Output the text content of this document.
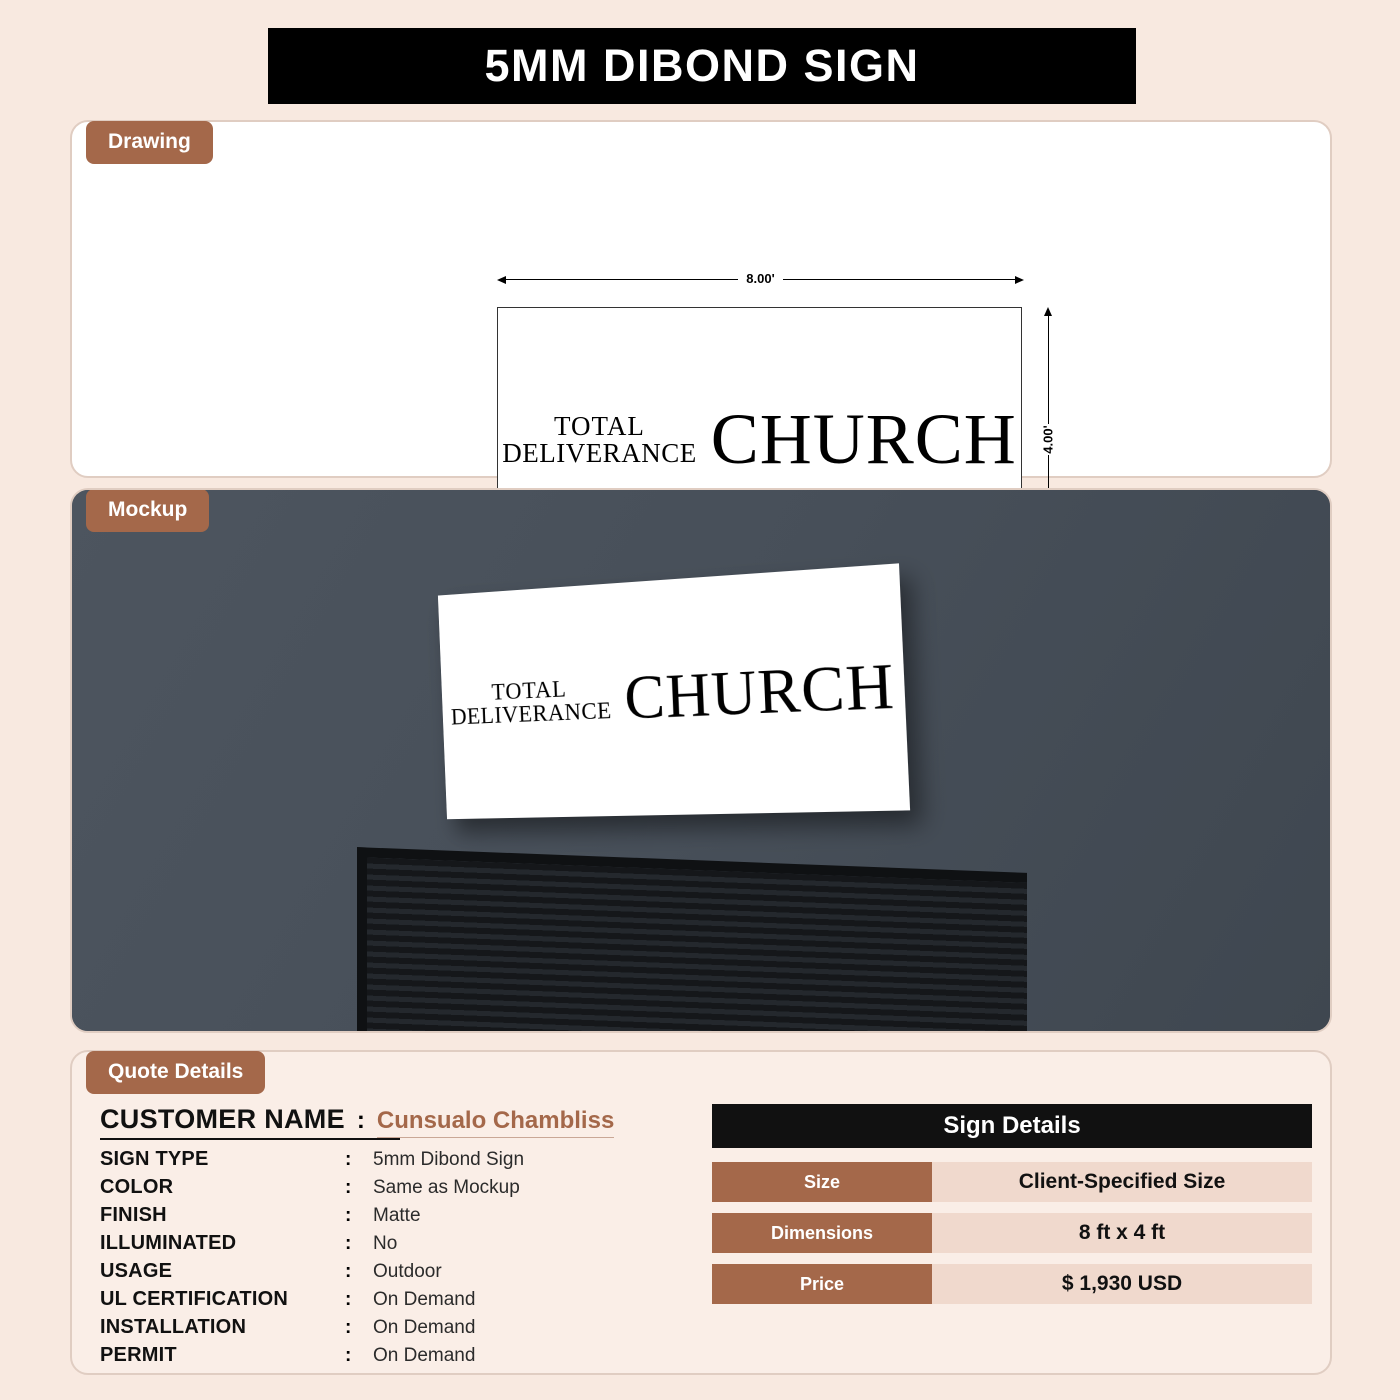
5MM DIBOND SIGN
Drawing
8.00'
TOTAL
DELIVERANCE CHURCH	4.00'
TOTAL
DELIVERANCE CHURCH
Mockup
Quote Details
CUSTOMER NAME : Cunsualo Chambliss
SIGN TYPE	:	5mm Dibond Sign
COLOR	:	Same as Mockup
FINISH	:	Matte
ILLUMINATED	:	No
USAGE	:	Outdoor
UL CERTIFICATION	:	On Demand
INSTALLATION	:	On Demand
PERMIT	:	On Demand
Sign Details
Size	Client-Specified Size
Dimensions	8 ft x 4 ft
Price	$ 1,930 USD
